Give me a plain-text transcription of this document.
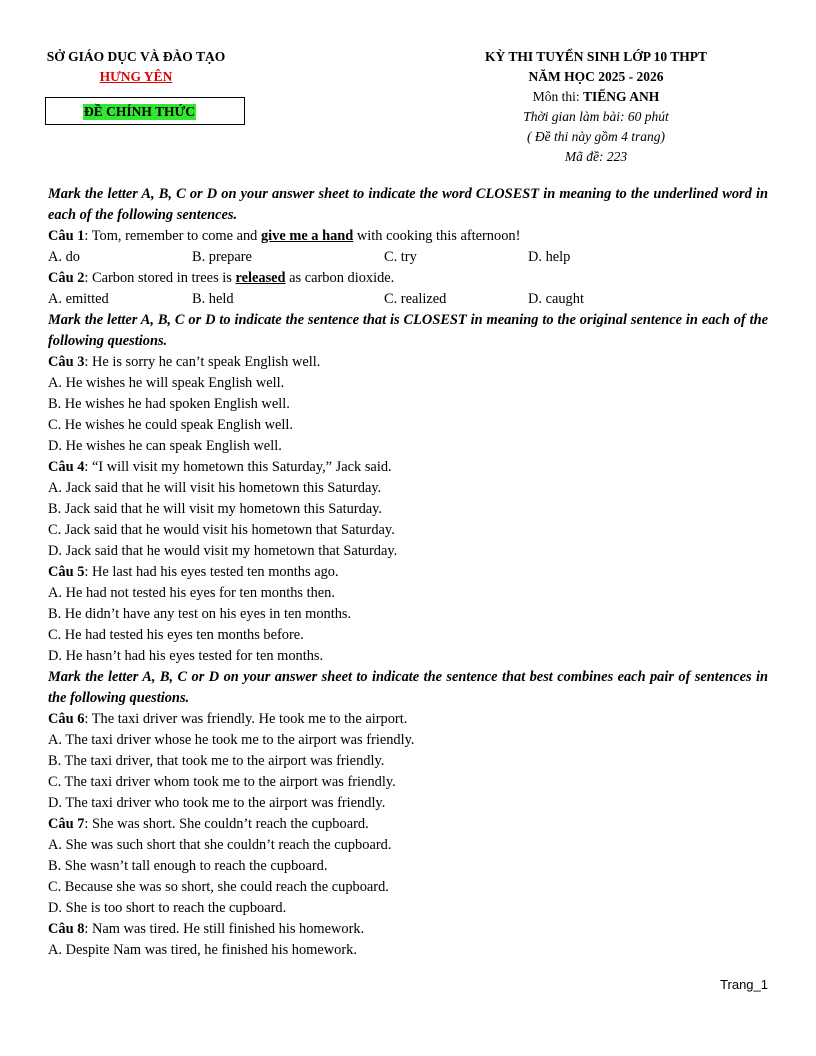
SỞ GIÁO DỤC VÀ ĐÀO TẠO
HƯNG YÊN
ĐỀ CHÍNH THỨC
KỲ THI TUYỂN SINH LỚP 10 THPT
NĂM HỌC 2025 - 2026
Môn thi: TIẾNG ANH
Thời gian làm bài: 60 phút
( Đề thi này gồm 4 trang)
Mã đề: 223
Mark the letter A, B, C or D on your answer sheet to indicate the word CLOSEST in meaning to the underlined word in each of the following sentences.
Câu 1: Tom, remember to come and give me a hand with cooking this afternoon!
A. do	B. prepare	C. try	D. help
Câu 2: Carbon stored in trees is released as carbon dioxide.
A. emitted	B. held	C. realized	D. caught
Mark the letter A, B, C or D to indicate the sentence that is CLOSEST in meaning to the original sentence in each of the following questions.
Câu 3: He is sorry he can’t speak English well.
A. He wishes he will speak English well.
B. He wishes he had spoken English well.
C. He wishes he could speak English well.
D. He wishes he can speak English well.
Câu 4: “I will visit my hometown this Saturday,” Jack said.
A. Jack said that he will visit his hometown this Saturday.
B. Jack said that he will visit my hometown this Saturday.
C. Jack said that he would visit his hometown that Saturday.
D. Jack said that he would visit my hometown that Saturday.
Câu 5: He last had his eyes tested ten months ago.
A. He had not tested his eyes for ten months then.
B. He didn’t have any test on his eyes in ten months.
C. He had tested his eyes ten months before.
D. He hasn’t had his eyes tested for ten months.
Mark the letter A, B, C or D on your answer sheet to indicate the sentence that best combines each pair of sentences in the following questions.
Câu 6: The taxi driver was friendly. He took me to the airport.
A. The taxi driver whose he took me to the airport was friendly.
B. The taxi driver, that took me to the airport was friendly.
C. The taxi driver whom took me to the airport was friendly.
D. The taxi driver who took me to the airport was friendly.
Câu 7: She was short. She couldn’t reach the cupboard.
A. She was such short that she couldn’t reach the cupboard.
B. She wasn’t tall enough to reach the cupboard.
C. Because she was so short, she could reach the cupboard.
D. She is too short to reach the cupboard.
Câu 8: Nam was tired. He still finished his homework.
A. Despite Nam was tired, he finished his homework.
Trang_1
